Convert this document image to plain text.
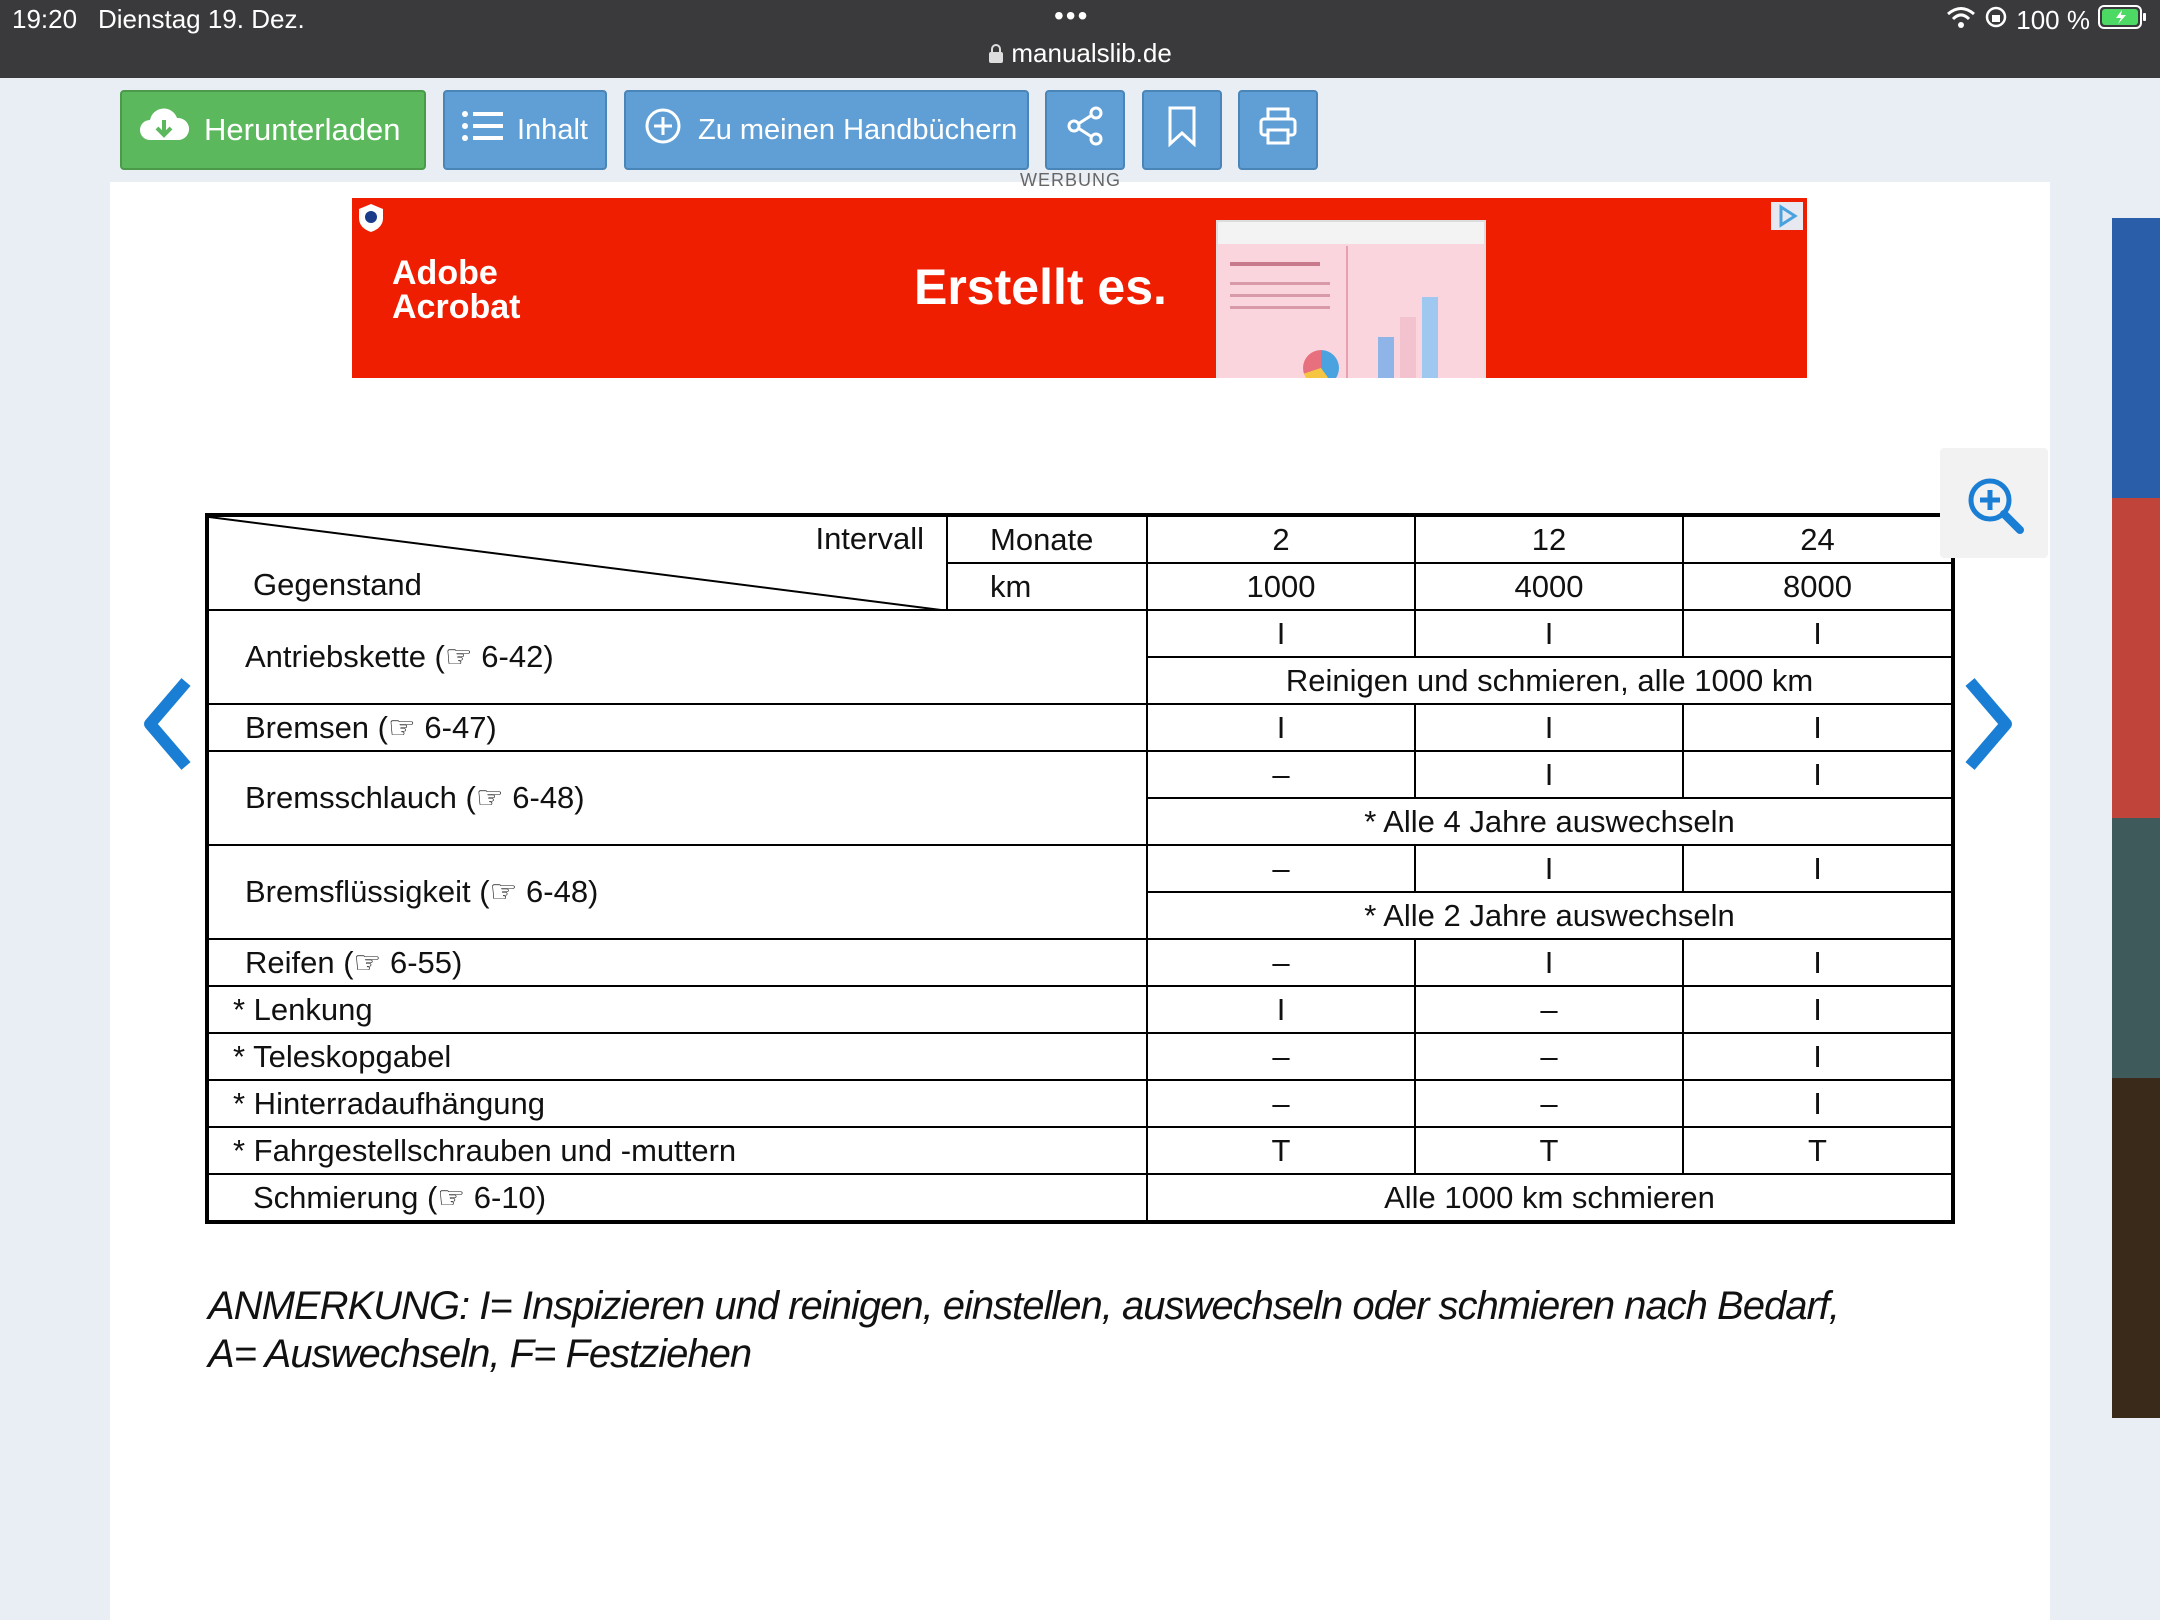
19:20 Dienstag 19. Dez.	•••
manualslib.de
100 %
Herunterladen	Inhalt	Zu meinen Handbüchern
WERBUNG
Adobe
Acrobat	Erstellt es.
Intervall
Gegenstand	Monate	2	12	24
	km	1000	4000	8000
Antriebskette (☞ 6-42)		I	I	I
		Reinigen und schmieren, alle 1000 km		
Bremsen (☞ 6-47)		I	I	I
Bremsschlauch (☞ 6-48)		–	I	I
		* Alle 4 Jahre auswechseln		
Bremsflüssigkeit (☞ 6-48)		–	I	I
		* Alle 2 Jahre auswechseln		
Reifen (☞ 6-55)		–	I	I
* Lenkung		I	–	I
* Teleskopgabel		–	–	I
* Hinterradaufhängung		–	–	I
* Fahrgestellschrauben und -muttern		T	T	T
Schmierung (☞ 6-10)		Alle 1000 km schmieren		
ANMERKUNG: I= Inspizieren und reinigen, einstellen, auswechseln oder schmieren nach Bedarf,
A= Auswechseln, F= Festziehen
